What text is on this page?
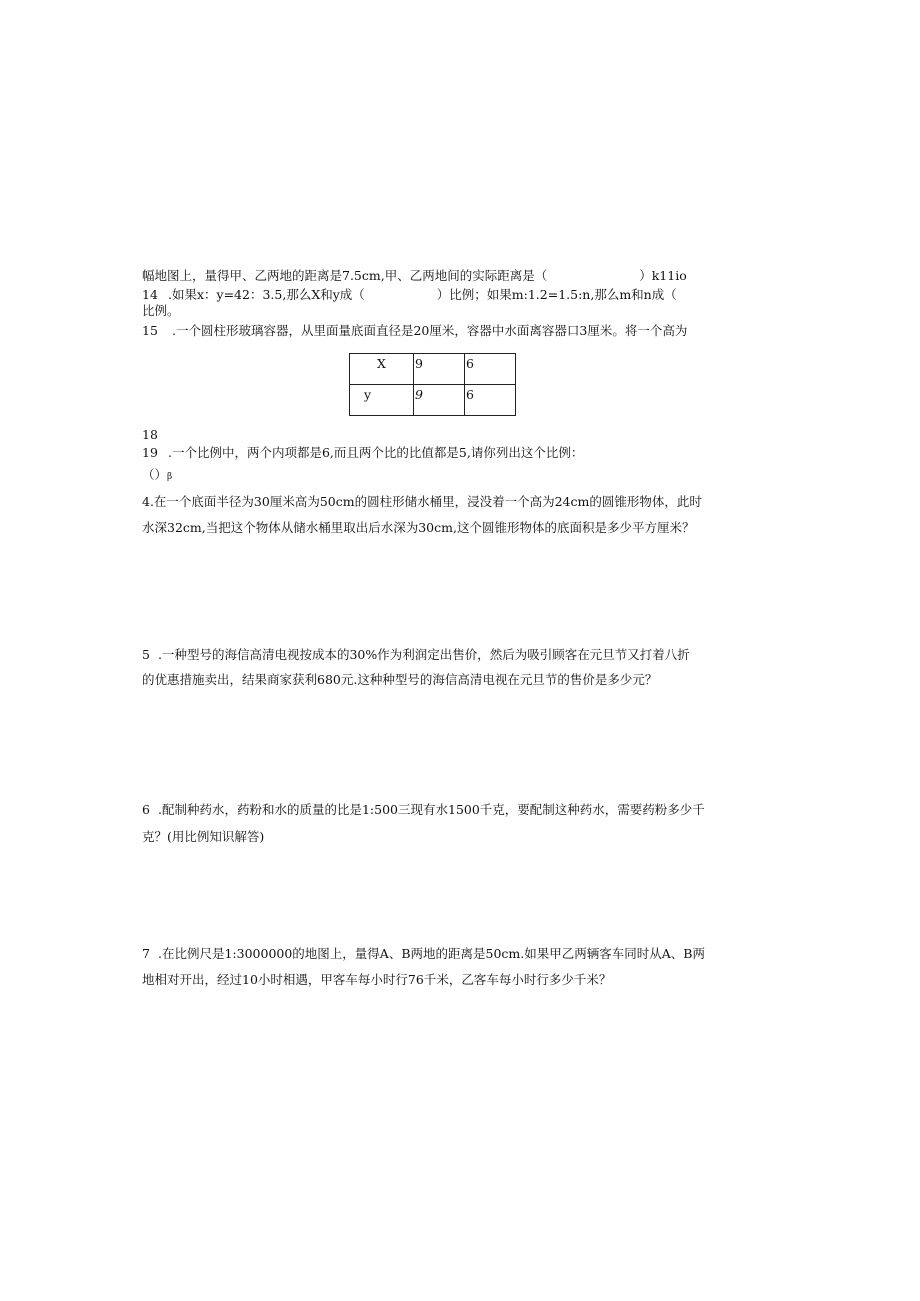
幅地图上，量得甲、乙两地的距离是7.5cm,甲、乙两地间的实际距离是（	）k11io
14 .如果x：y=42：3.5,那么X和y成（	）比例；如果m:1.2=1.5:n,那么m和n成（
比例。
15 .一个圆柱形玻璃容器，从里面量底面直径是20厘米，容器中水面离容器口3厘米。将一个高为
X	9	6
y	9	6
18
19 .一个比例中，两个内项都是6,而且两个比的比值都是5,请你列出这个比例：
（）β
4.在一个底面半径为30厘米高为50cm的圆柱形储水桶里，浸没着一个高为24cm的圆锥形物体，此时
水深32cm,当把这个物体从储水桶里取出后水深为30cm,这个圆锥形物体的底面积是多少平方厘米？
5 .一种型号的海信高清电视按成本的30%作为利润定出售价，然后为吸引顾客在元旦节又打着八折
的优惠措施卖出，结果商家获利680元.这种种型号的海信高清电视在元旦节的售价是多少元？
6 .配制种药水，药粉和水的质量的比是1:500三现有水1500千克，要配制这种药水，需要药粉多少千
克？(用比例知识解答)
7 .在比例尺是1:3000000的地图上，量得A、B两地的距离是50cm.如果甲乙两辆客车同时从A、B两
地相对开出，经过10小时相遇，甲客车每小时行76千米，乙客车每小时行多少千米？
